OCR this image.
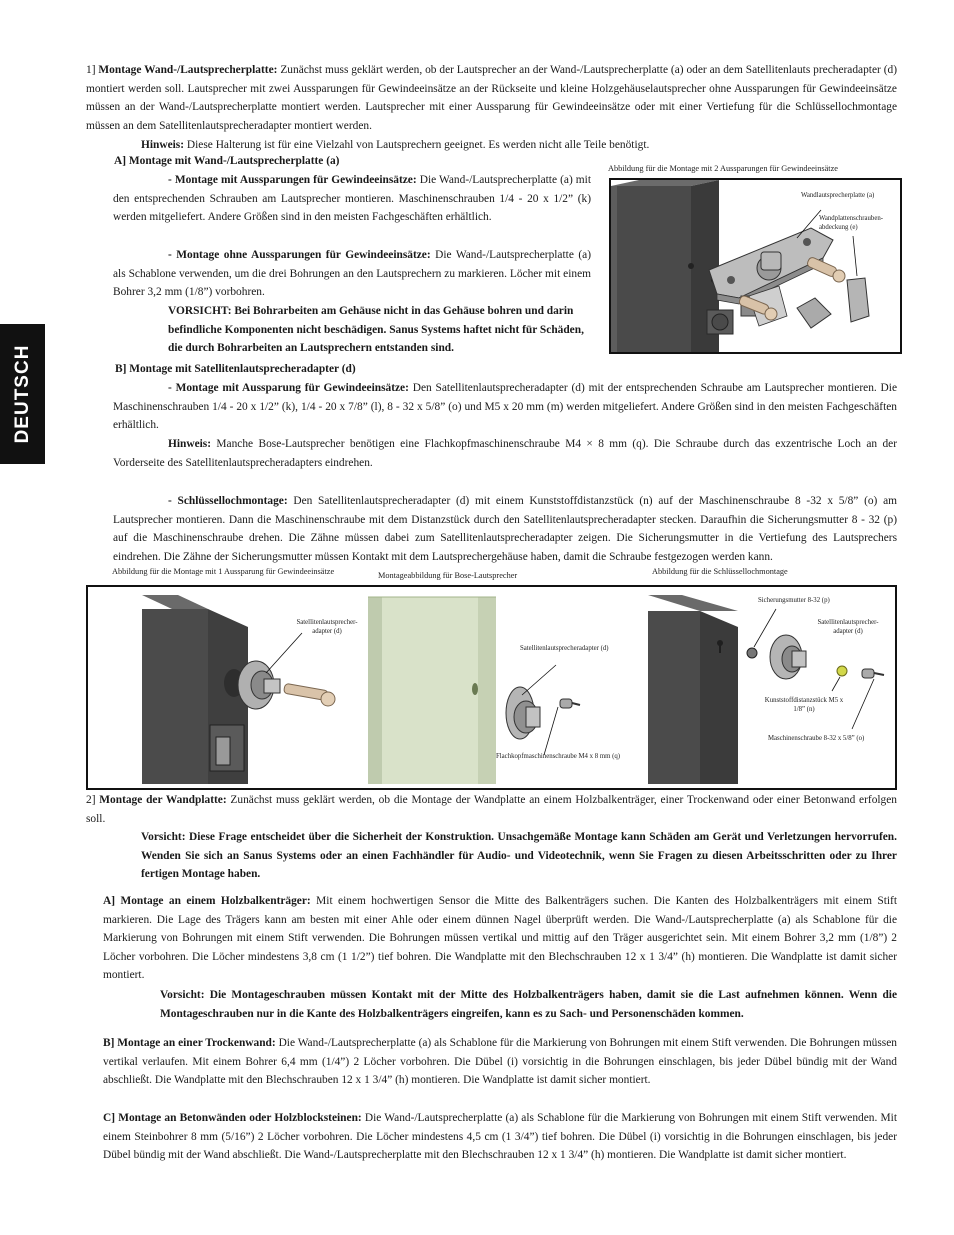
DEUTSCH

1] Montage Wand-/Lautsprecherplatte: Zunächst muss geklärt werden, ob der Lautsprecher an der Wand-/Lautsprecherplatte (a) oder an dem Satellitenlauts precheradapter (d) montiert werden soll. Lautsprecher mit zwei Aussparungen für Gewindeeinsätze an der Rückseite und kleine Holzgehäuselautsprecher ohne Aussparungen für Gewindeeinsätze müssen an der Wand-/Lautsprecherplatte montiert werden. Lautsprecher mit einer Aussparung für Gewindeeinsätze oder mit einer Vertiefung für die Schlüssellochmontage müssen an dem Satellitenlautsprecheradapter montiert werden.

Hinweis: Diese Halterung ist für eine Vielzahl von Lautsprechern geeignet. Es werden nicht alle Teile benötigt.

A] Montage mit Wand-/Lautsprecherplatte (a)

- Montage mit Aussparungen für Gewindeeinsätze: Die Wand-/Lautsprecherplatte (a) mit den entsprechenden Schrauben am Lautsprecher montieren. Maschinenschrauben 1/4 - 20 x 1/2” (k) werden mitgeliefert. Andere Größen sind in den meisten Fachgeschäften erhältlich.

- Montage ohne Aussparungen für Gewindeeinsätze: Die Wand-/Lautsprecherplatte (a) als Schablone verwenden, um die drei Bohrungen an den Lautsprechern zu markieren. Löcher mit einem Bohrer 3,2 mm (1/8”) vorbohren.

VORSICHT: Bei Bohrarbeiten am Gehäuse nicht in das Gehäuse bohren und darin befindliche Komponenten nicht beschädigen. Sanus Systems haftet nicht für Schäden, die durch Bohrarbeiten an Lautsprechern entstanden sind.

Abbildung für die Montage mit 2 Aussparungen für Gewindeeinsätze
Wandlautsprecherplatte (a)
Wandplattenschrauben-abdeckung (e)

B] Montage mit Satellitenlautsprecheradapter (d)

- Montage mit Aussparung für Gewindeeinsätze: Den Satellitenlautsprecheradapter (d) mit der entsprechenden Schraube am Lautsprecher montieren. Die Maschinenschrauben 1/4 - 20 x 1/2” (k), 1/4 - 20 x 7/8” (l), 8 - 32 x 5/8” (o) und M5 x 20 mm (m) werden mitgeliefert. Andere Größen sind in den meisten Fachgeschäften erhältlich.

Hinweis: Manche Bose-Lautsprecher benötigen eine Flachkopfmaschinenschraube M4 × 8 mm (q). Die Schraube durch das exzentrische Loch an der Vorderseite des Satellitenlautsprecheradapters eindrehen.

- Schlüssellochmontage: Den Satellitenlautsprecheradapter (d) mit einem Kunststoffdistanzstück (n) auf der Maschinenschraube 8 -32 x 5/8” (o) am Lautsprecher montieren. Dann die Maschinenschraube mit dem Distanzstück durch den Satellitenlautsprecheradapter stecken. Daraufhin die Sicherungsmutter 8 - 32 (p) auf die Maschinenschraube drehen. Die Zähne müssen dabei zum Satellitenlautsprecheradapter zeigen. Die Sicherungsmutter in die Vertiefung des Lautsprechers eindrehen. Die Zähne der Sicherungsmutter müssen Kontakt mit dem Lautsprechergehäuse haben, damit die Schraube festgezogen werden kann.

Abbildung für die Montage mit 1 Aussparung für Gewindeeinsätze	Montageabbildung für Bose-Lautsprecher	Abbildung für die Schlüssellochmontage
Satellitenlautsprecher-adapter (d)
Satellitenlautsprecheradapter (d)
Flachkopfmaschinenschraube M4 x 8 mm (q)
Sicherungsmutter 8-32 (p)
Satellitenlautsprecher-adapter (d)
Kunststoffdistanzstück M5 x 1/8” (n)
Maschinenschraube 8-32 x 5/8” (o)

2] Montage der Wandplatte: Zunächst muss geklärt werden, ob die Montage der Wandplatte an einem Holzbalkenträger, einer Trockenwand oder einer Betonwand erfolgen soll.

Vorsicht: Diese Frage entscheidet über die Sicherheit der Konstruktion. Unsachgemäße Montage kann Schäden am Gerät und Verletzungen hervorrufen. Wenden Sie sich an Sanus Systems oder an einen Fachhändler für Audio- und Videotechnik, wenn Sie Fragen zu diesen Arbeitsschritten oder zu Ihrer fertigen Montage haben.

A] Montage an einem Holzbalkenträger: Mit einem hochwertigen Sensor die Mitte des Balkenträgers suchen. Die Kanten des Holzbalkenträgers mit einem Stift markieren. Die Lage des Trägers kann am besten mit einer Ahle oder einem dünnen Nagel überprüft werden. Die Wand-/Lautsprecherplatte (a) als Schablone für die Markierung von Bohrungen mit einem Stift verwenden. Die Bohrungen müssen vertikal und mittig auf den Träger ausgerichtet sein. Mit einem Bohrer 3,2 mm (1/8”) 2 Löcher vorbohren. Die Löcher mindestens 3,8 cm (1 1/2”) tief bohren. Die Wandplatte mit den Blechschrauben 12 x 1 3/4” (h) montieren. Die Wandplatte ist damit sicher montiert.

Vorsicht: Die Montageschrauben müssen Kontakt mit der Mitte des Holzbalkenträgers haben, damit sie die Last aufnehmen können. Wenn die Montageschrauben nur in die Kante des Holzbalkenträgers eingreifen, kann es zu Sach- und Personenschäden kommen.

B] Montage an einer Trockenwand: Die Wand-/Lautsprecherplatte (a) als Schablone für die Markierung von Bohrungen mit einem Stift verwenden. Die Bohrungen müssen vertikal verlaufen. Mit einem Bohrer 6,4 mm (1/4”) 2 Löcher vorbohren. Die Dübel (i) vorsichtig in die Bohrungen einschlagen, bis jeder Dübel bündig mit der Wand abschließt. Die Wandplatte mit den Blechschrauben 12 x 1 3/4” (h) montieren. Die Wandplatte ist damit sicher montiert.

C] Montage an Betonwänden oder Holzblocksteinen: Die Wand-/Lautsprecherplatte (a) als Schablone für die Markierung von Bohrungen mit einem Stift verwenden. Mit einem Steinbohrer 8 mm (5/16”) 2 Löcher vorbohren. Die Löcher mindestens 4,5 cm (1 3/4”) tief bohren. Die Dübel (i) vorsichtig in die Bohrungen einschlagen, bis jeder Dübel bündig mit der Wand abschließt. Die Wand-/Lautsprecherplatte mit den Blechschrauben 12 x 1 3/4” (h) montieren. Die Wandplatte ist damit sicher montiert.
